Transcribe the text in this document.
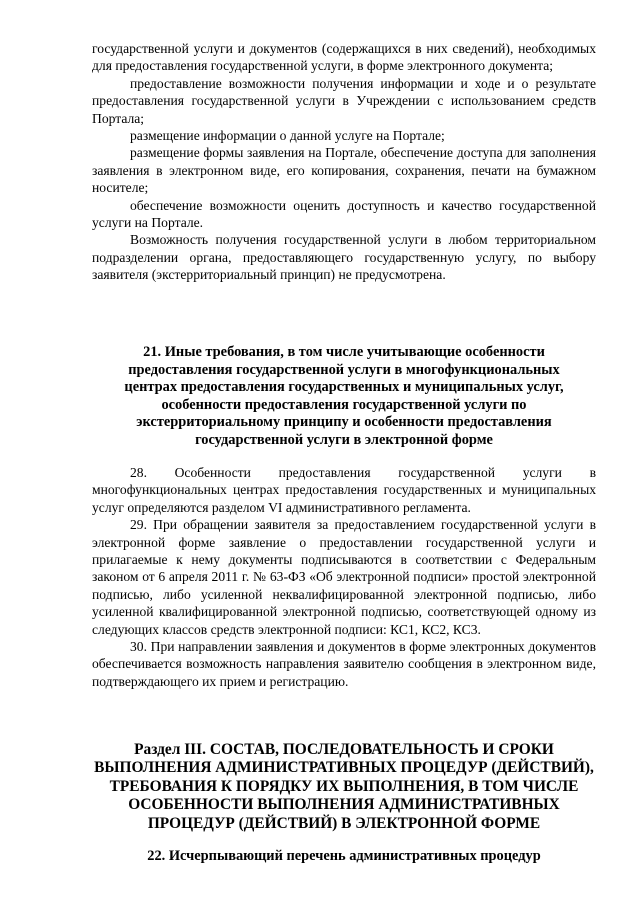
государственной услуги и документов (содержащихся в них сведений), необходимых для предоставления государственной услуги, в форме электронного документа;

предоставление возможности получения информации и ходе и о результате предоставления государственной услуги в Учреждении с использованием средств Портала;

размещение информации о данной услуге на Портале;

размещение формы заявления на Портале, обеспечение доступа для заполнения заявления в электронном виде, его копирования, сохранения, печати на бумажном носителе;

обеспечение возможности оценить доступность и качество государственной услуги на Портале.

Возможность получения государственной услуги в любом территориальном подразделении органа, предоставляющего государственную услугу, по выбору заявителя (экстерриториальный принцип) не предусмотрена.

21. Иные требования, в том числе учитывающие особенности

предоставления государственной услуги в многофункциональных

центрах предоставления государственных и муниципальных услуг,

особенности предоставления государственной услуги по

экстерриториальному принципу и особенности предоставления

государственной услуги в электронной форме

28. Особенности предоставления государственной услуги в многофункциональных центрах предоставления государственных и муниципальных услуг определяются разделом VI административного регламента.

29. При обращении заявителя за предоставлением государственной услуги в электронной форме заявление о предоставлении государственной услуги и прилагаемые к нему документы подписываются в соответствии с Федеральным законом от 6 апреля 2011 г. № 63-ФЗ «Об электронной подписи» простой электронной подписью, либо усиленной неквалифицированной электронной подписью, либо усиленной квалифицированной электронной подписью, соответствующей одному из следующих классов средств электронной подписи: КС1, КС2, КС3.

30. При направлении заявления и документов в форме электронных документов обеспечивается возможность направления заявителю сообщения в электронном виде, подтверждающего их прием и регистрацию.

Раздел III. СОСТАВ, ПОСЛЕДОВАТЕЛЬНОСТЬ И СРОКИ

ВЫПОЛНЕНИЯ АДМИНИСТРАТИВНЫХ ПРОЦЕДУР (ДЕЙСТВИЙ),

ТРЕБОВАНИЯ К ПОРЯДКУ ИХ ВЫПОЛНЕНИЯ, В ТОМ ЧИСЛЕ

ОСОБЕННОСТИ ВЫПОЛНЕНИЯ АДМИНИСТРАТИВНЫХ

ПРОЦЕДУР (ДЕЙСТВИЙ) В ЭЛЕКТРОННОЙ ФОРМЕ

22. Исчерпывающий перечень административных процедур
